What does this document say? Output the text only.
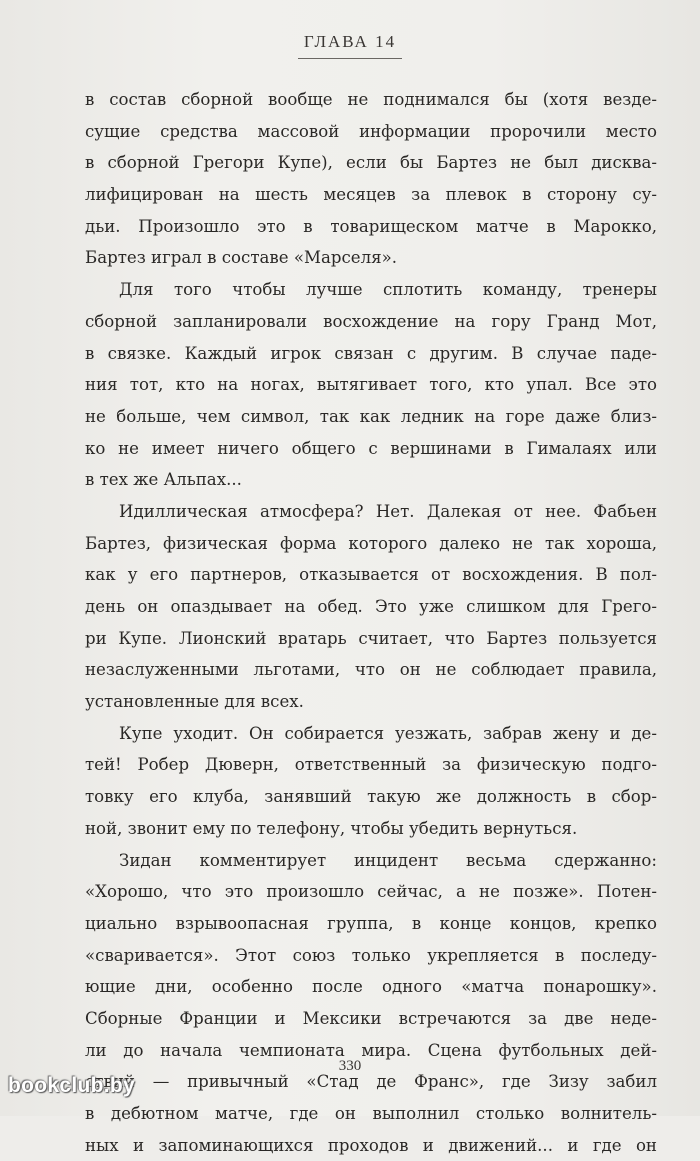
ГЛАВА 14
в состав сборной вообще не поднимался бы (хотя везде-
сущие средства массовой информации пророчили место
в сборной Грегори Купе), если бы Бартез не был дисква-
лифицирован на шесть месяцев за плевок в сторону су-
дьи. Произошло это в товарищеском матче в Марокко,
Бартез играл в составе «Марселя».
Для того чтобы лучше сплотить команду, тренеры
сборной запланировали восхождение на гору Гранд Мот,
в связке. Каждый игрок связан с другим. В случае паде-
ния тот, кто на ногах, вытягивает того, кто упал. Все это
не больше, чем символ, так как ледник на горе даже близ-
ко не имеет ничего общего с вершинами в Гималаях или
в тех же Альпах...
Идиллическая атмосфера? Нет. Далекая от нее. Фабьен
Бартез, физическая форма которого далеко не так хороша,
как у его партнеров, отказывается от восхождения. В пол-
день он опаздывает на обед. Это уже слишком для Грего-
ри Купе. Лионский вратарь считает, что Бартез пользуется
незаслуженными льготами, что он не соблюдает правила,
установленные для всех.
Купе уходит. Он собирается уезжать, забрав жену и де-
тей! Робер Дюверн, ответственный за физическую подго-
товку его клуба, занявший такую же должность в сбор-
ной, звонит ему по телефону, чтобы убедить вернуться.
Зидан комментирует инцидент весьма сдержанно:
«Хорошо, что это произошло сейчас, а не позже». Потен-
циально взрывоопасная группа, в конце концов, крепко
«сваривается». Этот союз только укрепляется в последу-
ющие дни, особенно после одного «матча понарошку».
Сборные Франции и Мексики встречаются за две неде-
ли до начала чемпионата мира. Сцена футбольных дей-
ствий — привычный «Стад де Франс», где Зизу забил
в дебютном матче, где он выполнил столько волнитель-
ных и запоминающихся проходов и движений... и где он
330
bookclub.by
